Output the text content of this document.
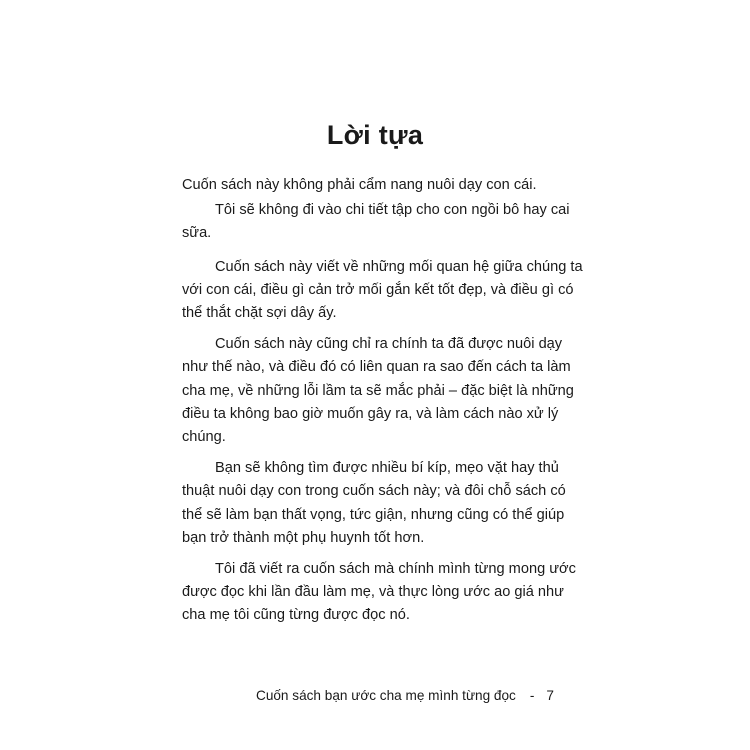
Lời tựa

Cuốn sách này không phải cẩm nang nuôi dạy con cái.

Tôi sẽ không đi vào chi tiết tập cho con ngồi bô hay cai sữa.

Cuốn sách này viết về những mối quan hệ giữa chúng ta với con cái, điều gì cản trở mối gắn kết tốt đẹp, và điều gì có thể thắt chặt sợi dây ấy.

Cuốn sách này cũng chỉ ra chính ta đã được nuôi dạy như thế nào, và điều đó có liên quan ra sao đến cách ta làm cha mẹ, về những lỗi lầm ta sẽ mắc phải – đặc biệt là những điều ta không bao giờ muốn gây ra, và làm cách nào xử lý chúng.

Bạn sẽ không tìm được nhiều bí kíp, mẹo vặt hay thủ thuật nuôi dạy con trong cuốn sách này; và đôi chỗ sách có thể sẽ làm bạn thất vọng, tức giận, nhưng cũng có thể giúp bạn trở thành một phụ huynh tốt hơn.

Tôi đã viết ra cuốn sách mà chính mình từng mong ước được đọc khi lần đầu làm mẹ, và thực lòng ước ao giá như cha mẹ tôi cũng từng được đọc nó.

Cuốn sách bạn ước cha mẹ mình từng đọc - 7
